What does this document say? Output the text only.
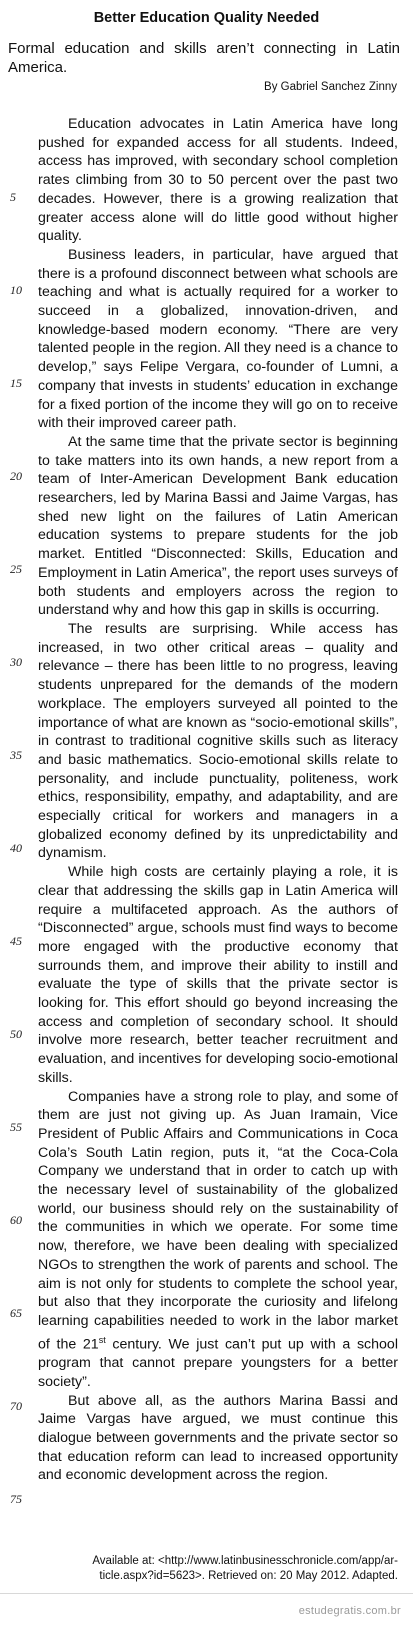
Better Education Quality Needed
Formal education and skills aren’t connecting in Latin America.
By Gabriel Sanchez Zinny
5
10
15
20
25
30
35
40
45
50
55
60
65
70
75

Education advocates in Latin America have long pushed for expanded access for all students. Indeed, access has improved, with secondary school completion rates climbing from 30 to 50 percent over the past two decades. However, there is a growing realization that greater access alone will do little good without higher quality.

Business leaders, in particular, have argued that there is a profound disconnect between what schools are teaching and what is actually required for a worker to succeed in a globalized, innovation-driven, and knowledge-based modern economy. “There are very talented people in the region. All they need is a chance to develop,” says Felipe Vergara, co-founder of Lumni, a company that invests in students’ education in exchange for a fixed portion of the income they will go on to receive with their improved career path.

At the same time that the private sector is beginning to take matters into its own hands, a new report from a team of Inter-American Development Bank education researchers, led by Marina Bassi and Jaime Vargas, has shed new light on the failures of Latin American education systems to prepare students for the job market. Entitled “Disconnected: Skills, Education and Employment in Latin America”, the report uses surveys of both students and employers across the region to understand why and how this gap in skills is occurring.

The results are surprising. While access has increased, in two other critical areas – quality and relevance – there has been little to no progress, leaving students unprepared for the demands of the modern workplace. The employers surveyed all pointed to the importance of what are known as “socio-emotional skills”, in contrast to traditional cognitive skills such as literacy and basic mathematics. Socio-emotional skills relate to personality, and include punctuality, politeness, work ethics, responsibility, empathy, and adaptability, and are especially critical for workers and managers in a globalized economy defined by its unpredictability and dynamism.

While high costs are certainly playing a role, it is clear that addressing the skills gap in Latin America will require a multifaceted approach. As the authors of “Disconnected” argue, schools must find ways to become more engaged with the productive economy that surrounds them, and improve their ability to instill and evaluate the type of skills that the private sector is looking for. This effort should go beyond increasing the access and completion of secondary school. It should involve more research, better teacher recruitment and evaluation, and incentives for developing socio-emotional skills.

Companies have a strong role to play, and some of them are just not giving up. As Juan Iramain, Vice President of Public Affairs and Communications in Coca Cola’s South Latin region, puts it, “at the Coca-Cola Company we understand that in order to catch up with the necessary level of sustainability of the globalized world, our business should rely on the sustainability of the communities in which we operate. For some time now, therefore, we have been dealing with specialized NGOs to strengthen the work of parents and school. The aim is not only for students to complete the school year, but also that they incorporate the curiosity and lifelong learning capabilities needed to work in the labor market of the 21st century. We just can’t put up with a school program that cannot prepare youngsters for a better society”.

But above all, as the authors Marina Bassi and Jaime Vargas have argued, we must continue this dialogue between governments and the private sector so that education reform can lead to increased opportunity and economic development across the region.

Available at: <http://www.latinbusinesschronicle.com/app/ar-
ticle.aspx?id=5623>. Retrieved on: 20 May 2012. Adapted.
estudegratis.com.br
